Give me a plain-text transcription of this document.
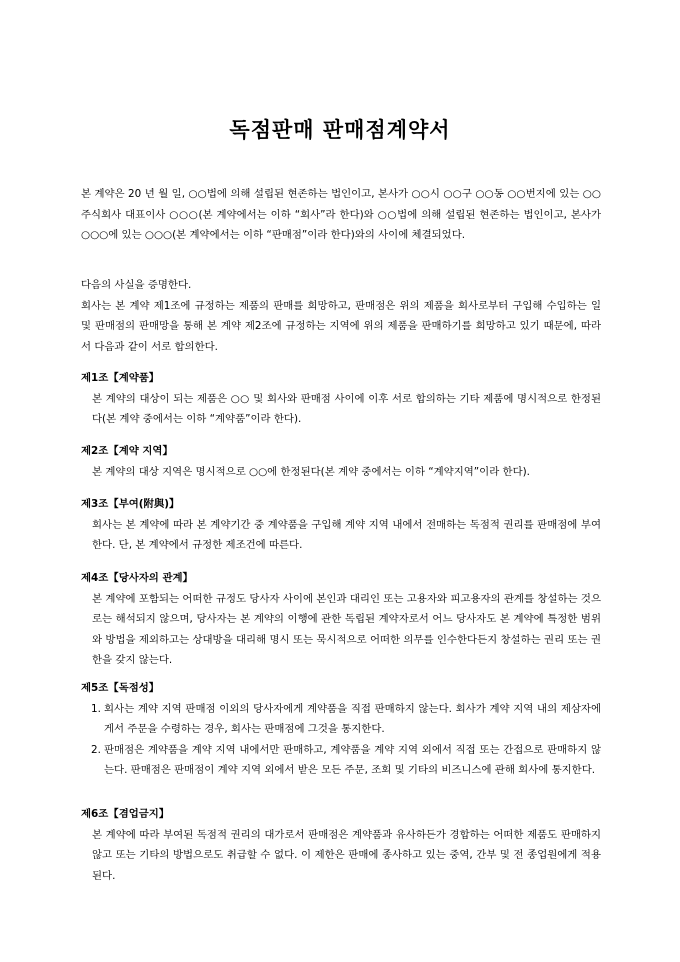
독점판매 판매점계약서

본 계약은 20 년 월 일, ○○법에 의해 설립된 현존하는 법인이고, 본사가 ○○시 ○○구 ○○동 ○○번지에 있는 ○○주식회사 대표이사 ○○○(본 계약에서는 이하 “회사”라 한다)와 ○○법에 의해 설립된 현존하는 법인이고, 본사가 ○○○에 있는 ○○○(본 계약에서는 이하 “판매점”이라 한다)와의 사이에 체결되었다.

다음의 사실을 증명한다.

회사는 본 계약 제1조에 규정하는 제품의 판매를 희망하고, 판매점은 위의 제품을 회사로부터 구입해 수입하는 일 및 판매점의 판매망을 통해 본 계약 제2조에 규정하는 지역에 위의 제품을 판매하기를 희망하고 있기 때문에, 따라서 다음과 같이 서로 합의한다.

제1조【계약품】

본 계약의 대상이 되는 제품은 ○○ 및 회사와 판매점 사이에 이후 서로 합의하는 기타 제품에 명시적으로 한정된다(본 계약 중에서는 이하 “계약품”이라 한다).

제2조【계약 지역】

본 계약의 대상 지역은 명시적으로 ○○에 한정된다(본 계약 중에서는 이하 “계약지역”이라 한다).

제3조【부여(附與)】

회사는 본 계약에 따라 본 계약기간 중 계약품을 구입해 계약 지역 내에서 전매하는 독점적 권리를 판매점에 부여한다. 단, 본 계약에서 규정한 제조건에 따른다.

제4조【당사자의 관계】

본 계약에 포함되는 어떠한 규정도 당사자 사이에 본인과 대리인 또는 고용자와 피고용자의 관계를 창설하는 것으로는 해석되지 않으며, 당사자는 본 계약의 이행에 관한 독립된 계약자로서 어느 당사자도 본 계약에 특정한 범위와 방법을 제외하고는 상대방을 대리해 명시 또는 묵시적으로 어떠한 의무를 인수한다든지 창설하는 권리 또는 권한을 갖지 않는다.

제5조【독점성】

1. 회사는 계약 지역 판매점 이외의 당사자에게 계약품을 직접 판매하지 않는다. 회사가 계약 지역 내의 제삼자에게서 주문을 수령하는 경우, 회사는 판매점에 그것을 통지한다.
2. 판매점은 계약품을 계약 지역 내에서만 판매하고, 계약품을 계약 지역 외에서 직접 또는 간접으로 판매하지 않는다. 판매점은 판매점이 계약 지역 외에서 받은 모든 주문, 조회 및 기타의 비즈니스에 관해 회사에 통지한다.

제6조【겸업금지】

본 계약에 따라 부여된 독점적 권리의 대가로서 판매점은 계약품과 유사하든가 경합하는 어떠한 제품도 판매하지 않고 또는 기타의 방법으로도 취급할 수 없다. 이 제한은 판매에 종사하고 있는 중역, 간부 및 전 종업원에게 적용된다.
